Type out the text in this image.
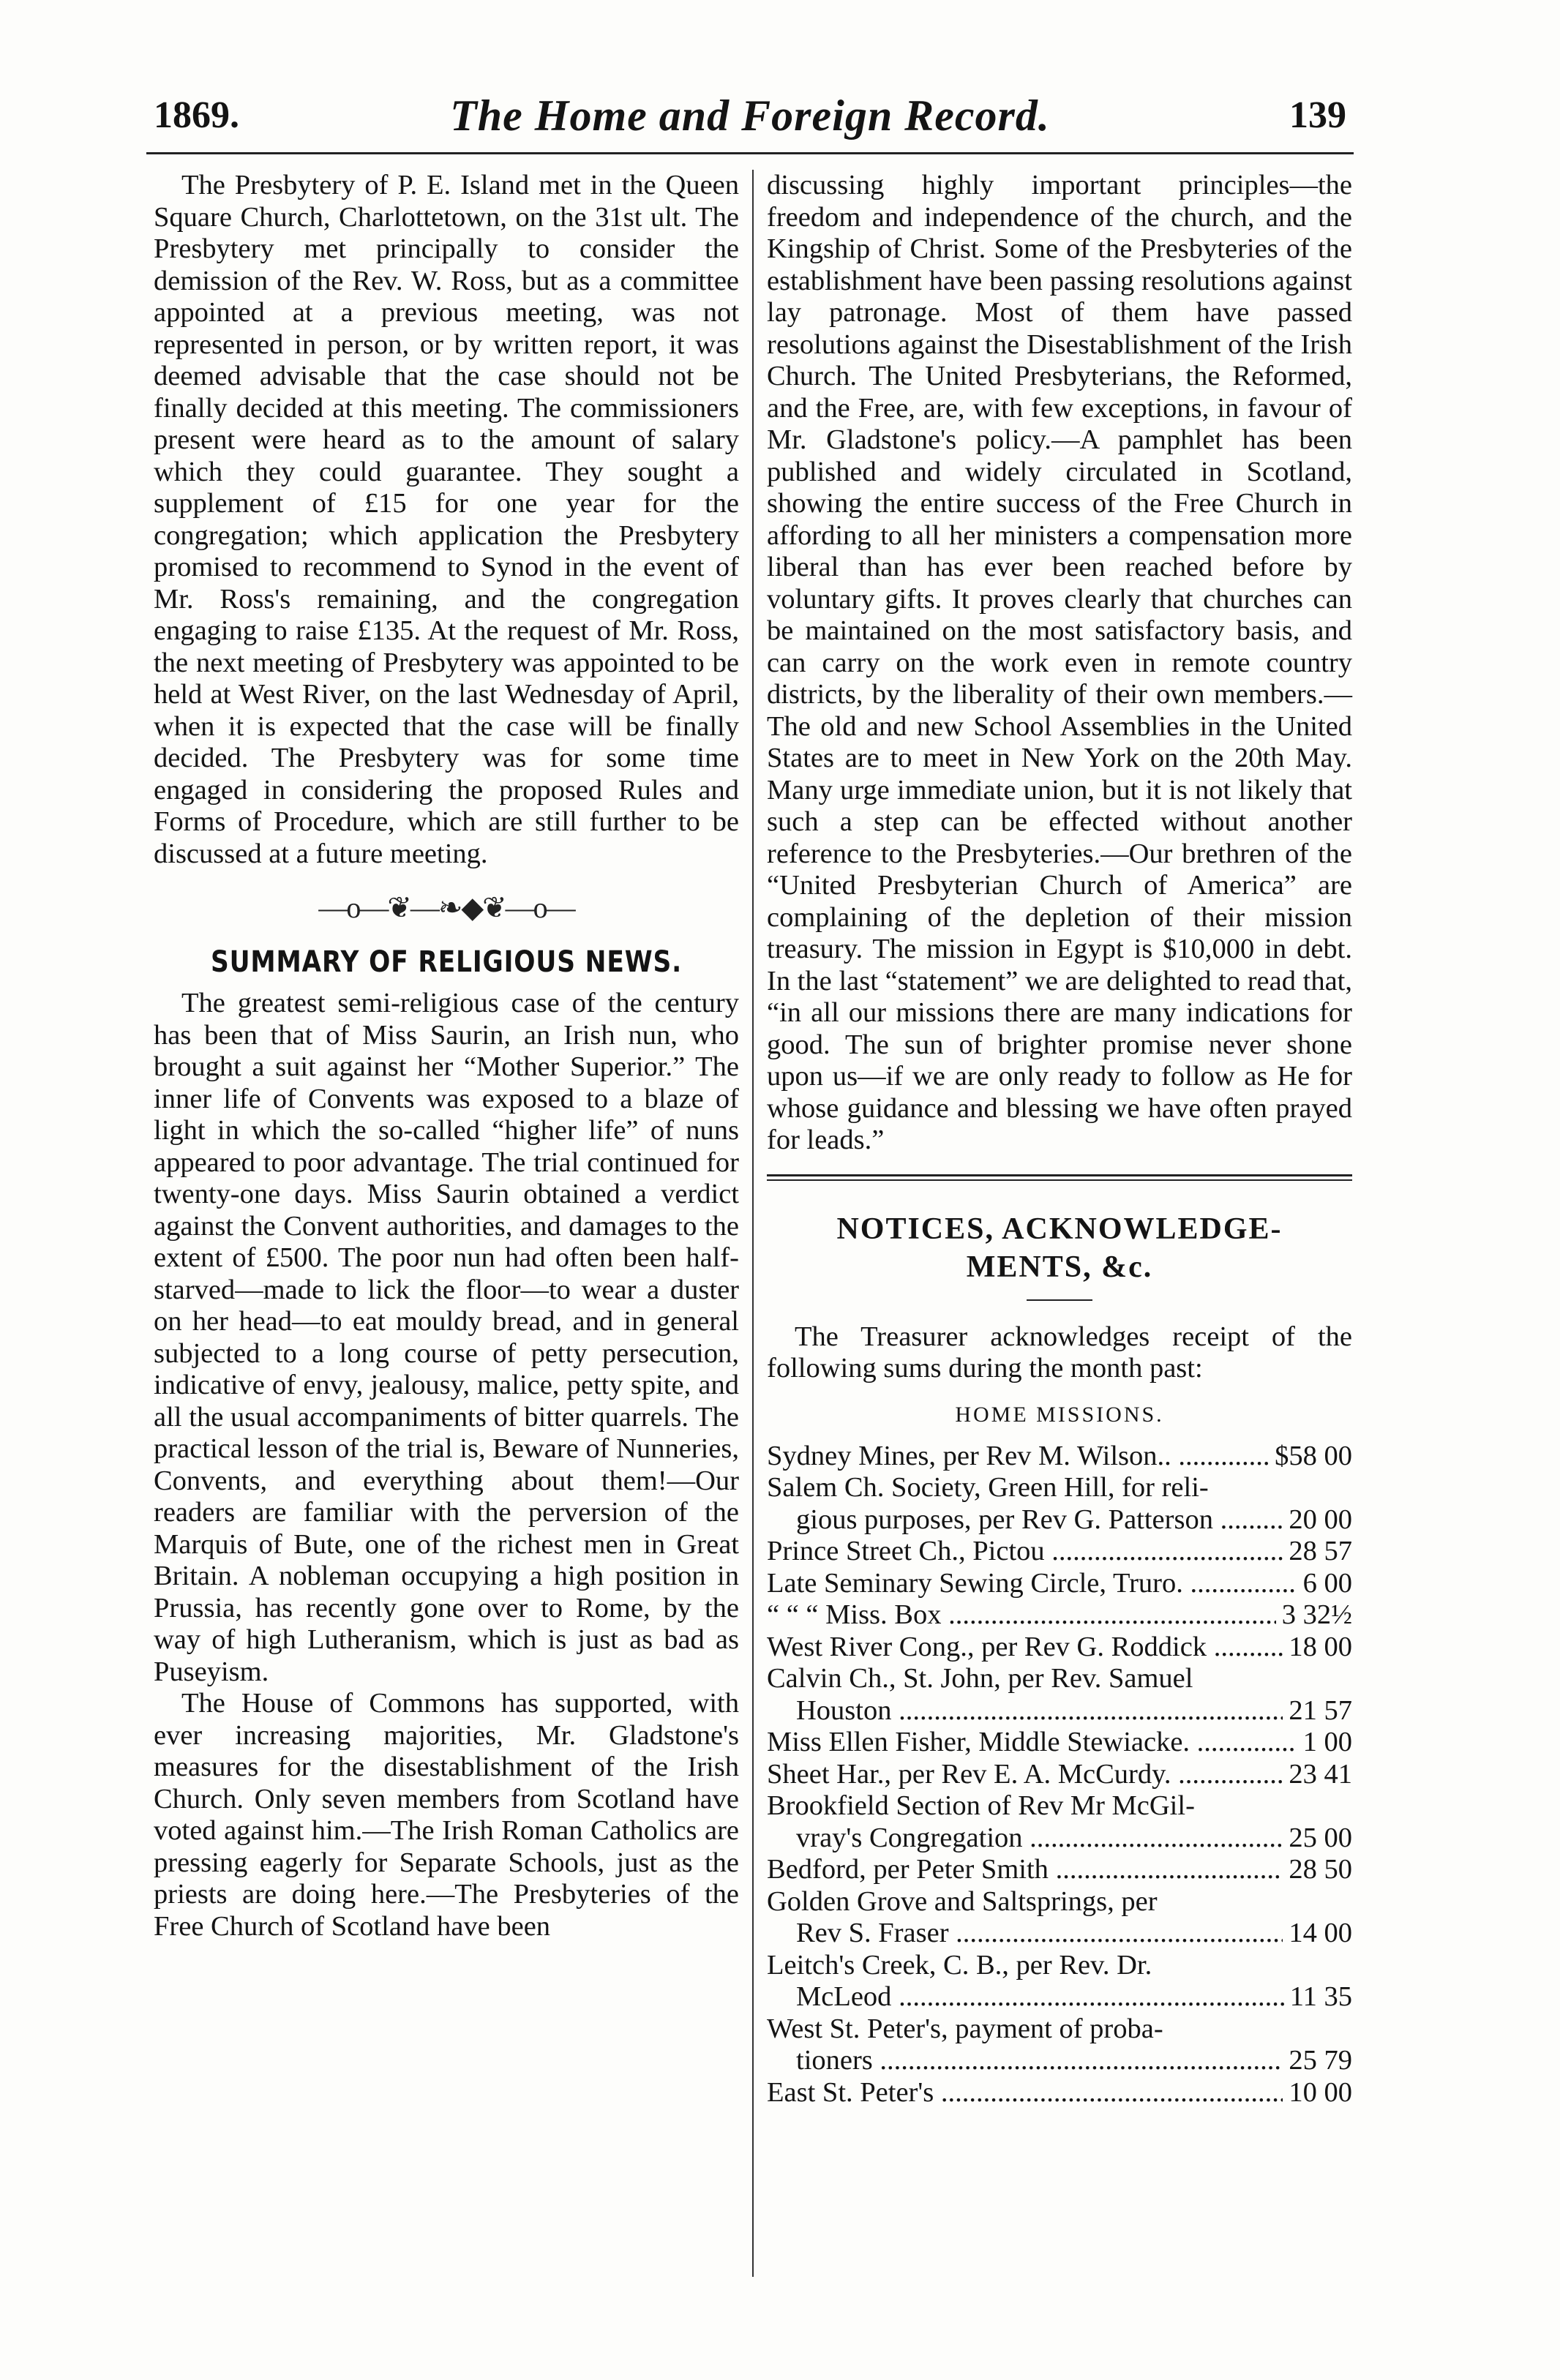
1869.	The Home and Foreign Record.	139

The Presbytery of P. E. Island met in the Queen Square Church, Charlottetown, on the 31st ult. The Presbytery met principally to consider the demission of the Rev. W. Ross, but as a committee appointed at a previous meeting, was not represented in person, or by written report, it was deemed advisable that the case should not be finally decided at this meeting. The commissioners present were heard as to the amount of salary which they could guarantee. They sought a supplement of £15 for one year for the congregation; which application the Presbytery promised to recommend to Synod in the event of Mr. Ross's remaining, and the congregation engaging to raise £135. At the request of Mr. Ross, the next meeting of Presbytery was appointed to be held at West River, on the last Wednesday of April, when it is expected that the case will be finally decided. The Presbytery was for some time engaged in considering the proposed Rules and Forms of Procedure, which are still further to be discussed at a future meeting.

—o—❦—❧◆❦—o—
SUMMARY OF RELIGIOUS NEWS.

The greatest semi-religious case of the century has been that of Miss Saurin, an Irish nun, who brought a suit against her “Mother Superior.” The inner life of Convents was exposed to a blaze of light in which the so-called “higher life” of nuns appeared to poor advantage. The trial continued for twenty-one days. Miss Saurin obtained a verdict against the Convent authorities, and damages to the extent of £500. The poor nun had often been half-starved—made to lick the floor—to wear a duster on her head—to eat mouldy bread, and in general subjected to a long course of petty persecution, indicative of envy, jealousy, malice, petty spite, and all the usual accompaniments of bitter quarrels. The practical lesson of the trial is, Beware of Nunneries, Convents, and everything about them!—Our readers are familiar with the perversion of the Marquis of Bute, one of the richest men in Great Britain. A nobleman occupying a high position in Prussia, has recently gone over to Rome, by the way of high Lutheranism, which is just as bad as Puseyism.

The House of Commons has supported, with ever increasing majorities, Mr. Gladstone's measures for the disestablishment of the Irish Church. Only seven members from Scotland have voted against him.—The Irish Roman Catholics are pressing eagerly for Separate Schools, just as the priests are doing here.—The Presbyteries of the Free Church of Scotland have been

discussing highly important principles—the freedom and independence of the church, and the Kingship of Christ. Some of the Presbyteries of the establishment have been passing resolutions against lay patronage. Most of them have passed resolutions against the Disestablishment of the Irish Church. The United Presbyterians, the Reformed, and the Free, are, with few exceptions, in favour of Mr. Gladstone's policy.—A pamphlet has been published and widely circulated in Scotland, showing the entire success of the Free Church in affording to all her ministers a compensation more liberal than has ever been reached before by voluntary gifts. It proves clearly that churches can be maintained on the most satisfactory basis, and can carry on the work even in remote country districts, by the liberality of their own members.—The old and new School Assemblies in the United States are to meet in New York on the 20th May. Many urge immediate union, but it is not likely that such a step can be effected without another reference to the Presbyteries.—Our brethren of the “United Presbyterian Church of America” are complaining of the depletion of their mission treasury. The mission in Egypt is $10,000 in debt. In the last “statement” we are delighted to read that, “in all our missions there are many indications for good. The sun of brighter promise never shone upon us—if we are only ready to follow as He for whose guidance and blessing we have often prayed for leads.”

NOTICES, ACKNOWLEDGE-
MENTS, &c.

The Treasurer acknowledges receipt of the following sums during the month past:

HOME MISSIONS.
Sydney Mines, per Rev M. Wilson.. .....	$58 00
Salem Ch. Society, Green Hill, for reli-
gious purposes, per Rev G. Patterson .....	20 00
Prince Street Ch., Pictou .....	28 57
Late Seminary Sewing Circle, Truro. .....	6 00
“ “ “ Miss. Box .....	3 32½
West River Cong., per Rev G. Roddick .....	18 00
Calvin Ch., St. John, per Rev. Samuel
Houston .....	21 57
Miss Ellen Fisher, Middle Stewiacke. .....	1 00
Sheet Har., per Rev E. A. McCurdy. .....	23 41
Brookfield Section of Rev Mr McGil-
vray's Congregation .....	25 00
Bedford, per Peter Smith .....	28 50
Golden Grove and Saltsprings, per
Rev S. Fraser .....	14 00
Leitch's Creek, C. B., per Rev. Dr.
McLeod .....	11 35
West St. Peter's, payment of proba-
tioners .....	25 79
East St. Peter's .....	10 00
